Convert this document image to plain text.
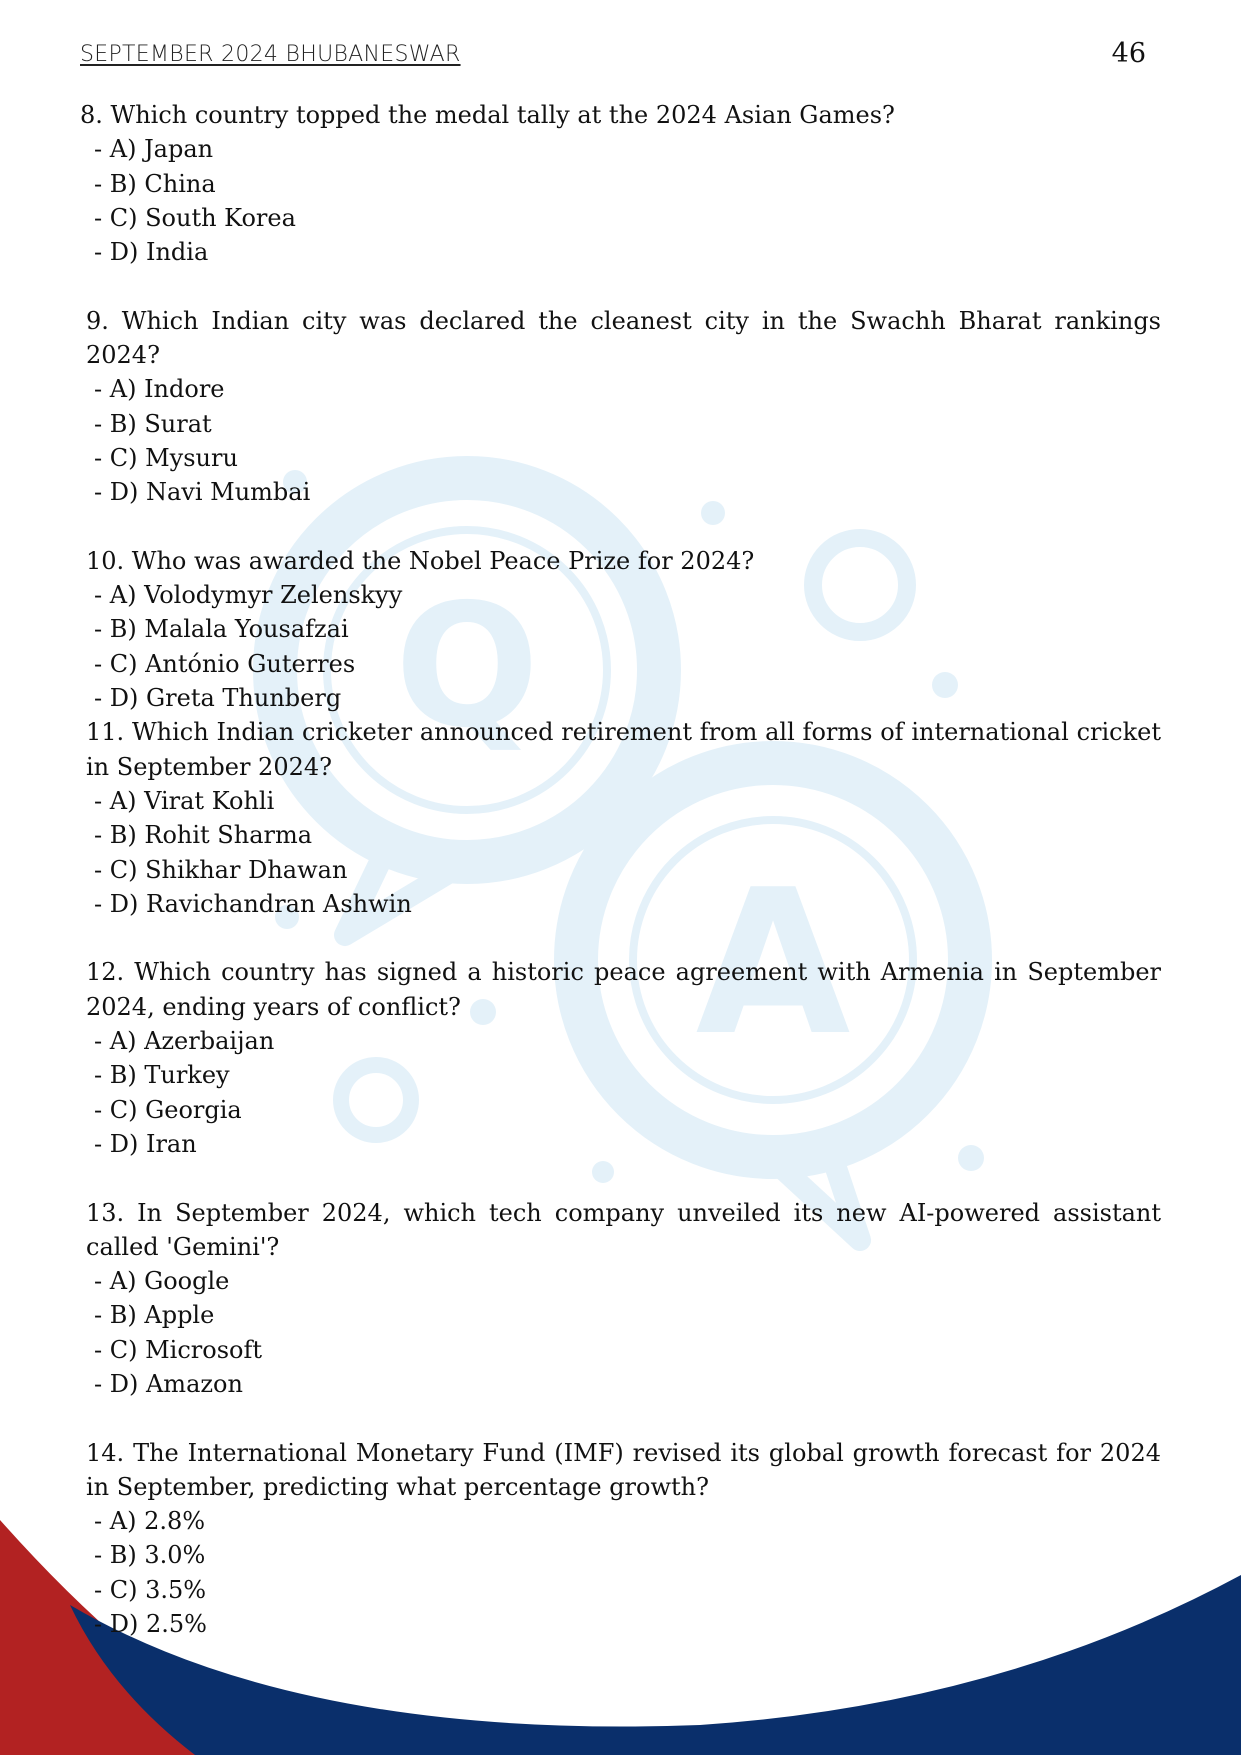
Q
A
SEPTEMBER 2024 BHUBANESWAR	46

8. Which country topped the medal tally at the 2024 Asian Games?

- A) Japan
- B) China
- C) South Korea
- D) India

9. Which Indian city was declared the cleanest city in the Swachh Bharat rankings 2024?

- A) Indore
- B) Surat
- C) Mysuru
- D) Navi Mumbai

10. Who was awarded the Nobel Peace Prize for 2024?

- A) Volodymyr Zelenskyy
- B) Malala Yousafzai
- C) António Guterres
- D) Greta Thunberg

11. Which Indian cricketer announced retirement from all forms of international cricket in September 2024?

- A) Virat Kohli
- B) Rohit Sharma
- C) Shikhar Dhawan
- D) Ravichandran Ashwin

12. Which country has signed a historic peace agreement with Armenia in September 2024, ending years of conflict?

- A) Azerbaijan
- B) Turkey
- C) Georgia
- D) Iran

13. In September 2024, which tech company unveiled its new AI-powered assistant called 'Gemini'?

- A) Google
- B) Apple
- C) Microsoft
- D) Amazon

14. The International Monetary Fund (IMF) revised its global growth forecast for 2024 in September, predicting what percentage growth?

- A) 2.8%
- B) 3.0%
- C) 3.5%
- D) 2.5%
